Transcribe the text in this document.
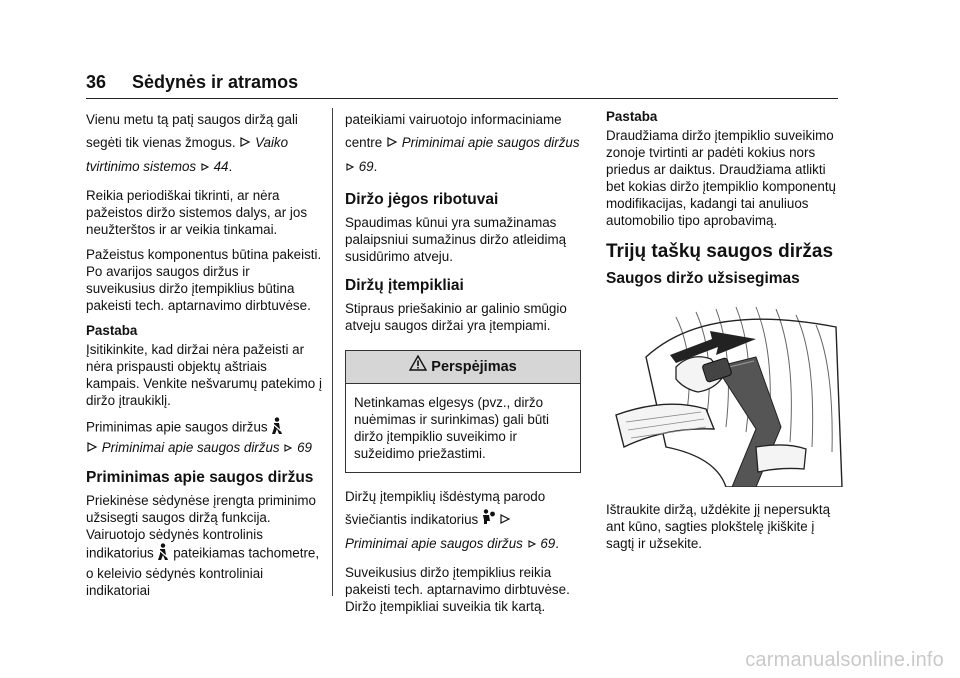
36 Sėdynės ir atramos

Vienu metu tą patį saugos diržą gali segėti tik vienas žmogus. Vaiko tvirtinimo sistemos 44.

Reikia periodiškai tikrinti, ar nėra pažeistos diržo sistemos dalys, ar jos neužterštos ir ar veikia tinkamai.

Pažeistus komponentus būtina pakeisti. Po avarijos saugos diržus ir suveikusius diržo įtempiklius būtina pakeisti tech. aptarnavimo dirbtuvėse.

Pastaba

Įsitikinkite, kad diržai nėra pažeisti ar nėra prispausti objektų aštriais kampais. Venkite nešvarumų patekimo į diržo įtraukiklį.

Priminimas apie saugos diržus
Priminimai apie saugos diržus 69

Priminimas apie saugos diržus

Priekinėse sėdynėse įrengta priminimo užsisegti saugos diržą funkcija. Vairuotojo sėdynės kontrolinis indikatorius pateikiamas tachometre, o keleivio sėdynės kontroliniai indikatoriai

pateikiami vairuotojo informaciniame centre Priminimai apie saugos diržus  69.

Diržo jėgos ribotuvai

Spaudimas kūnui yra sumažinamas palaipsniui sumažinus diržo atleidimą susidūrimo atveju.

Diržų įtempikliai

Stipraus priešakinio ar galinio smūgio atveju saugos diržai yra įtempiami.

Perspėjimas
Netinkamas elgesys (pvz., diržo nuėmimas ir surinkimas) gali būti diržo įtempiklio suveikimo ir sužeidimo priežastimi.

Diržų įtempiklių išdėstymą parodo šviečiantis indikatorius
Priminimai apie saugos diržus 69.

Suveikusius diržo įtempiklius reikia pakeisti tech. aptarnavimo dirbtuvėse. Diržo įtempikliai suveikia tik kartą.

Pastaba

Draudžiama diržo įtempiklio suveikimo zonoje tvirtinti ar padėti kokius nors priedus ar daiktus. Draudžiama atlikti bet kokias diržo įtempiklio komponentų modifikacijas, kadangi tai anuliuos automobilio tipo aprobavimą.

Trijų taškų saugos diržas
Saugos diržo užsisegimas

Ištraukite diržą, uždėkite jį nepersuktą ant kūno, sagties plokštelę įkiškite į sagtį ir užsekite.

carmanualsonline.info
